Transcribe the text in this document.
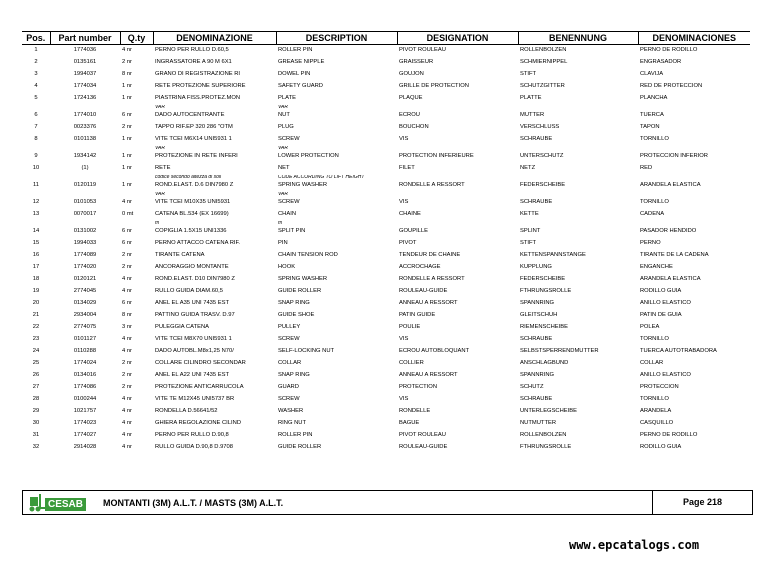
Pos.	Part number	Q.ty	DENOMINAZIONE	DESCRIPTION	DESIGNATION	BENENNUNG	DENOMINACIONES
1	1774036	4 nr	PERNO PER RULLO D.60,5	ROLLER PIN	PIVOT ROULEAU	ROLLENBOLZEN	PERNO DE RODILLO
2	0135161	2 nr	INGRASSATORE A 90 M 6X1	GREASE NIPPLE	GRAISSEUR	SCHMIERNIPPEL	ENGRASADOR
3	1994037	8 nr	GRANO DI REGISTRAZIONE RI	DOWEL PIN	GOUJON	STIFT	CLAVIJA
4	1774034	1 nr	RETE PROTEZIONE SUPERIORE	SAFETY GUARD	GRILLE DE PROTECTION	SCHUTZGITTER	RED DE PROTECCION
5	1724136	1 nr	PIASTRINA FISS.PROTEZ.MON	PLATE	PLAQUE	PLATTE	PLANCHA
			VAR	VAR			
6	1774010	6 nr	DADO AUTOCENTRANTE	NUT	ECROU	MUTTER	TUERCA
7	0023376	2 nr	TAPPO RIF.EP 320 286 "OTM	PLUG	BOUCHON	VERSCHLUSS	TAPON
8	0101138	1 nr	VITE TCEI M6X14 UNI5931 1	SCREW	VIS	SCHRAUBE	TORNILLO
			VAR	VAR			
9	1934142	1 nr	PROTEZIONE IN RETE INFERI	LOWER PROTECTION	PROTECTION INFERIEURE	UNTERSCHUTZ	PROTECCION INFERIOR
10	(1)	1 nr	RETE	NET	FILET	NETZ	RED
			codice secondo altezza di soll	CODE ACCORDING TO LIFT HEIGHT			
11	0120119	1 nr	ROND.ELAST. D.6 DIN7980 Z	SPRING WASHER	RONDELLE A RESSORT	FEDERSCHEIBE	ARANDELA ELASTICA
			VAR	VAR			
12	0101053	4 nr	VITE TCEI M10X35 UNI5931	SCREW	VIS	SCHRAUBE	TORNILLO
13	0070017	0 mt	CATENA BL.534 (EX 16699)	CHAIN	CHAINE	KETTE	CADENA
			m	m			
14	0131002	6 nr	COPIGLIA 1.5X15 UNI1336	SPLIT PIN	GOUPILLE	SPLINT	PASADOR HENDIDO
15	1994033	6 nr	PERNO ATTACCO CATENA RIF.	PIN	PIVOT	STIFT	PERNO
16	1774089	2 nr	TIRANTE CATENA	CHAIN TENSION ROD	TENDEUR DE CHAINE	KETTENSPANNSTANGE	TIRANTE DE LA CADENA
17	1774020	2 nr	ANCORAGGIO MONTANTE	HOOK	ACCROCHAGE	KUPPLUNG	ENGANCHE
18	0120121	4 nr	ROND.ELAST. D10 DIN7980 Z	SPRING WASHER	RONDELLE A RESSORT	FEDERSCHEIBE	ARANDELA ELASTICA
19	2774045	4 nr	RULLO GUIDA DIAM.60,5	GUIDE ROLLER	ROULEAU-GUIDE	FTHRUNGSROLLE	RODILLO GUIA
20	0134029	6 nr	ANEL EL A35 UNI 7435 EST	SNAP RING	ANNEAU A RESSORT	SPANNRING	ANILLO ELASTICO
21	2934004	8 nr	PATTINO GUIDA TRASV. D.97	GUIDE SHOE	PATIN GUIDE	GLEITSCHUH	PATIN DE GUIA
22	2774075	3 nr	PULEGGIA CATENA	PULLEY	POULIE	RIEMENSCHEIBE	POLEA
23	0101127	4 nr	VITE TCEI M8X70 UNI5931 1	SCREW	VIS	SCHRAUBE	TORNILLO
24	0110288	4 nr	DADO AUTOBL.M8x1,25 N70/	SELF-LOCKING NUT	ECROU AUTOBLOQUANT	SELBSTSPERRENDMUTTER	TUERCA AUTOTRABADORA
25	1774024	2 nr	COLLARE CILINDRO SECONDAR	COLLAR	COLLIER	ANSCHLAGBUND	COLLAR
26	0134016	2 nr	ANEL EL A22 UNI 7435 EST	SNAP RING	ANNEAU A RESSORT	SPANNRING	ANILLO ELASTICO
27	1774086	2 nr	PROTEZIONE ANTICARRUCOLA	GUARD	PROTECTION	SCHUTZ	PROTECCION
28	0100244	4 nr	VITE TE M12X45 UNI5737 BR	SCREW	VIS	SCHRAUBE	TORNILLO
29	1021757	4 nr	RONDELLA D.56641/52	WASHER	RONDELLE	UNTERLEGSCHEIBE	ARANDELA
30	1774023	4 nr	GHIERA REGOLAZIONE CILIND	RING NUT	BAGUE	NUTMUTTER	CASQUILLO
31	1774027	4 nr	PERNO PER RULLO D.90,8	ROLLER PIN	PIVOT ROULEAU	ROLLENBOLZEN	PERNO DE RODILLO
32	2914028	4 nr	RULLO GUIDA D.90,8 D.9708	GUIDE ROLLER	ROULEAU-GUIDE	FTHRUNGSROLLE	RODILLO GUIA
CESAB	MONTANTI (3M) A.L.T. / MASTS (3M) A.L.T.	Page 218
www.epcatalogs.com
